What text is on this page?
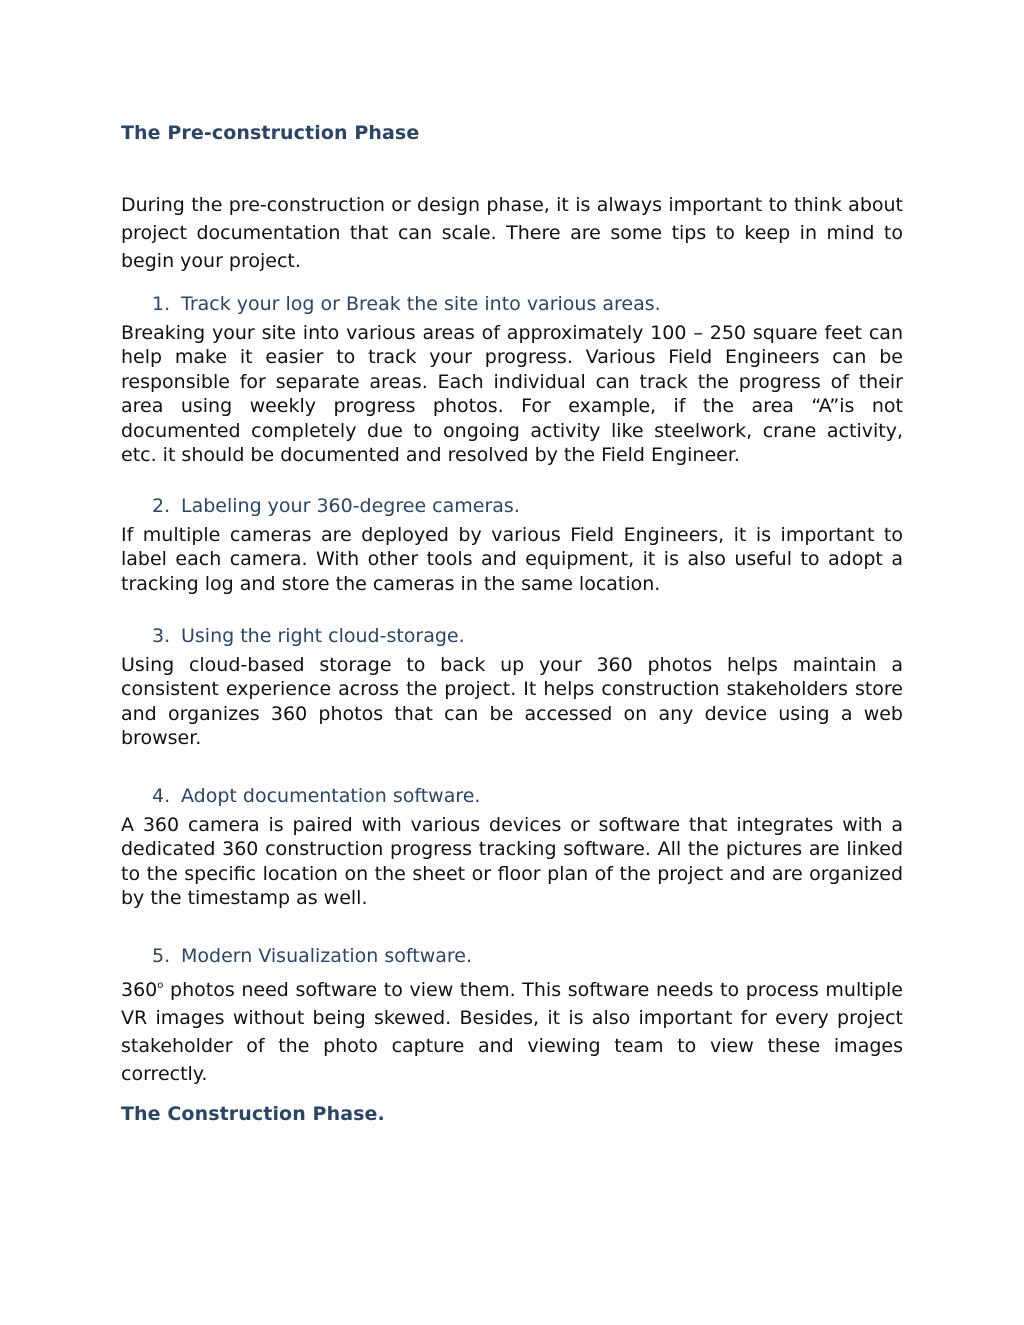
The Pre-construction Phase

During the pre-construction or design phase, it is always important to think about project documentation that can scale. There are some tips to keep in mind to begin your project.

1. Track your log or Break the site into various areas.

Breaking your site into various areas of approximately 100 – 250 square feet can help make it easier to track your progress. Various Field Engineers can be responsible for separate areas. Each individual can track the progress of their area using weekly progress photos. For example, if the area “A”is not documented completely due to ongoing activity like steelwork, crane activity, etc. it should be documented and resolved by the Field Engineer.

2. Labeling your 360-degree cameras.

If multiple cameras are deployed by various Field Engineers, it is important to label each camera. With other tools and equipment, it is also useful to adopt a tracking log and store the cameras in the same location.

3. Using the right cloud-storage.

Using cloud-based storage to back up your 360 photos helps maintain a consistent experience across the project. It helps construction stakeholders store and organizes 360 photos that can be accessed on any device using a web browser.

4. Adopt documentation software.

A 360 camera is paired with various devices or software that integrates with a dedicated 360 construction progress tracking software. All the pictures are linked to the specific location on the sheet or floor plan of the project and are organized by the timestamp as well.

5. Modern Visualization software.

360$^o$ photos need software to view them. This software needs to process multiple VR images without being skewed. Besides, it is also important for every project stakeholder of the photo capture and viewing team to view these images correctly.

The Construction Phase.
